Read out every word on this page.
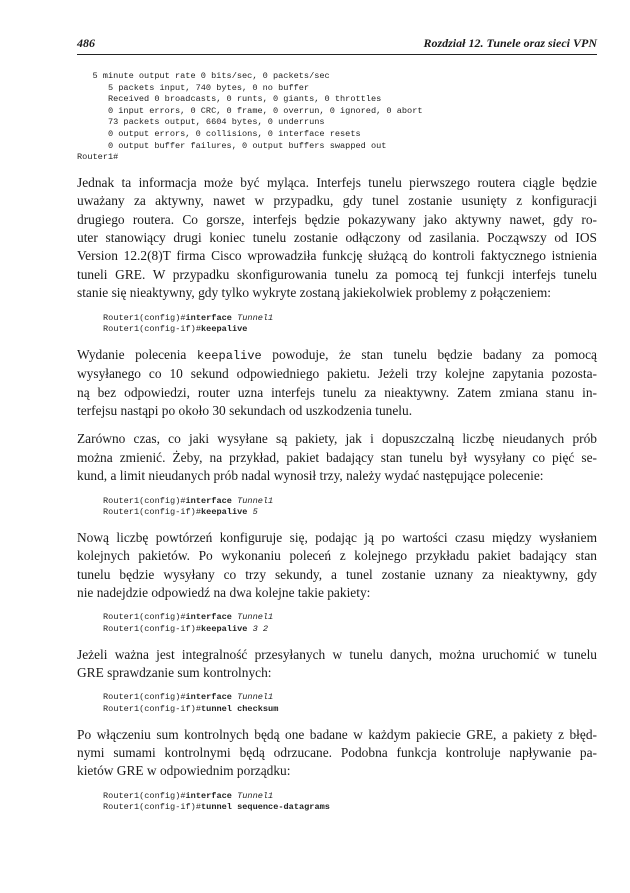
486	Rozdział 12. Tunele oraz sieci VPN
5 minute output rate 0 bits/sec, 0 packets/sec
5 packets input, 740 bytes, 0 no buffer
Received 0 broadcasts, 0 runts, 0 giants, 0 throttles
0 input errors, 0 CRC, 0 frame, 0 overrun, 0 ignored, 0 abort
73 packets output, 6604 bytes, 0 underruns
0 output errors, 0 collisions, 0 interface resets
0 output buffer failures, 0 output buffers swapped out
Router1#

Jednak ta informacja może być myląca. Interfejs tunelu pierwszego routera ciągle będzie
uważany za aktywny, nawet w przypadku, gdy tunel zostanie usunięty z konfiguracji
drugiego routera. Co gorsze, interfejs będzie pokazywany jako aktywny nawet, gdy ro-
uter stanowiący drugi koniec tunelu zostanie odłączony od zasilania. Począwszy od IOS
Version 12.2(8)T firma Cisco wprowadziła funkcję służącą do kontroli faktycznego istnienia
tuneli GRE. W przypadku skonfigurowania tunelu za pomocą tej funkcji interfejs tunelu
stanie się nieaktywny, gdy tylko wykryte zostaną jakiekolwiek problemy z połączeniem:

Router1(config)#interface Tunnel1
Router1(config-if)#keepalive

Wydanie polecenia keepalive powoduje, że stan tunelu będzie badany za pomocą
wysyłanego co 10 sekund odpowiedniego pakietu. Jeżeli trzy kolejne zapytania pozosta-
ną bez odpowiedzi, router uzna interfejs tunelu za nieaktywny. Zatem zmiana stanu in-
terfejsu nastąpi po około 30 sekundach od uszkodzenia tunelu.

Zarówno czas, co jaki wysyłane są pakiety, jak i dopuszczalną liczbę nieudanych prób
można zmienić. Żeby, na przykład, pakiet badający stan tunelu był wysyłany co pięć se-
kund, a limit nieudanych prób nadal wynosił trzy, należy wydać następujące polecenie:

Router1(config)#interface Tunnel1
Router1(config-if)#keepalive 5

Nową liczbę powtórzeń konfiguruje się, podając ją po wartości czasu między wysłaniem
kolejnych pakietów. Po wykonaniu poleceń z kolejnego przykładu pakiet badający stan
tunelu będzie wysyłany co trzy sekundy, a tunel zostanie uznany za nieaktywny, gdy
nie nadejdzie odpowiedź na dwa kolejne takie pakiety:

Router1(config)#interface Tunnel1
Router1(config-if)#keepalive 3 2

Jeżeli ważna jest integralność przesyłanych w tunelu danych, można uruchomić w tunelu
GRE sprawdzanie sum kontrolnych:

Router1(config)#interface Tunnel1
Router1(config-if)#tunnel checksum

Po włączeniu sum kontrolnych będą one badane w każdym pakiecie GRE, a pakiety z błęd-
nymi sumami kontrolnymi będą odrzucane. Podobna funkcja kontroluje napływanie pa-
kietów GRE w odpowiednim porządku:

Router1(config)#interface Tunnel1
Router1(config-if)#tunnel sequence-datagrams
